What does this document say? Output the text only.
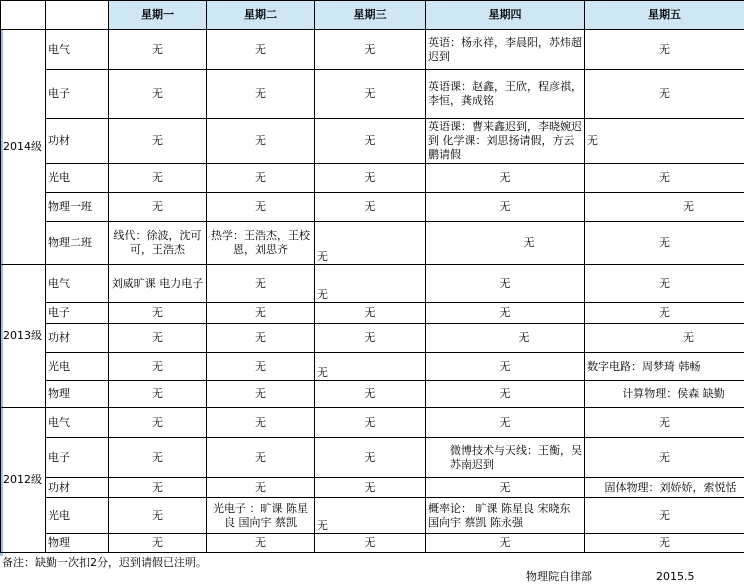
		星期一	星期二	星期三	星期四	星期五
2014级	电气	无	无	无	英语：杨永祥，李晨阳，苏炜超迟到	无
	电子	无	无	无	英语课：赵鑫，王欣，程彦祺，李恒，龚成铭	无
	功材	无	无	无	英语课：曹来鑫迟到，李晓婉迟到 化学课：刘思扬请假，方云鹏请假	无
	光电	无	无	无	无	无
	物理一班	无	无	无	无	无
	物理二班	线代：徐波，沈可可，王浩杰	热学：王浩杰，王校恩，刘思齐	无	无	无
2013级	电气	刘威旷课 电力电子	无	无	无	无
	电子	无	无	无	无	无
	功材	无	无	无	无	无
	光电	无	无	无	无	数字电路：周梦琦 韩畅
	物理	无	无	无	无	计算物理：侯森 缺勤
2012级	电气	无	无	无	无	无
	电子	无	无	无	微博技术与天线：王衡，吴苏南迟到	无
	功材	无	无	无	无	固体物理：刘娇娇，索悦恬
	光电	无	光电子 ：旷课 陈星良 国向宇 蔡凯	无	概率论： 旷课 陈星良 宋晓东 国向宇 蔡凯 陈永强	无
	物理	无	无	无	无	无
备注：缺勤一次扣2分，迟到请假已注明。
物理院自律部	2015.5
